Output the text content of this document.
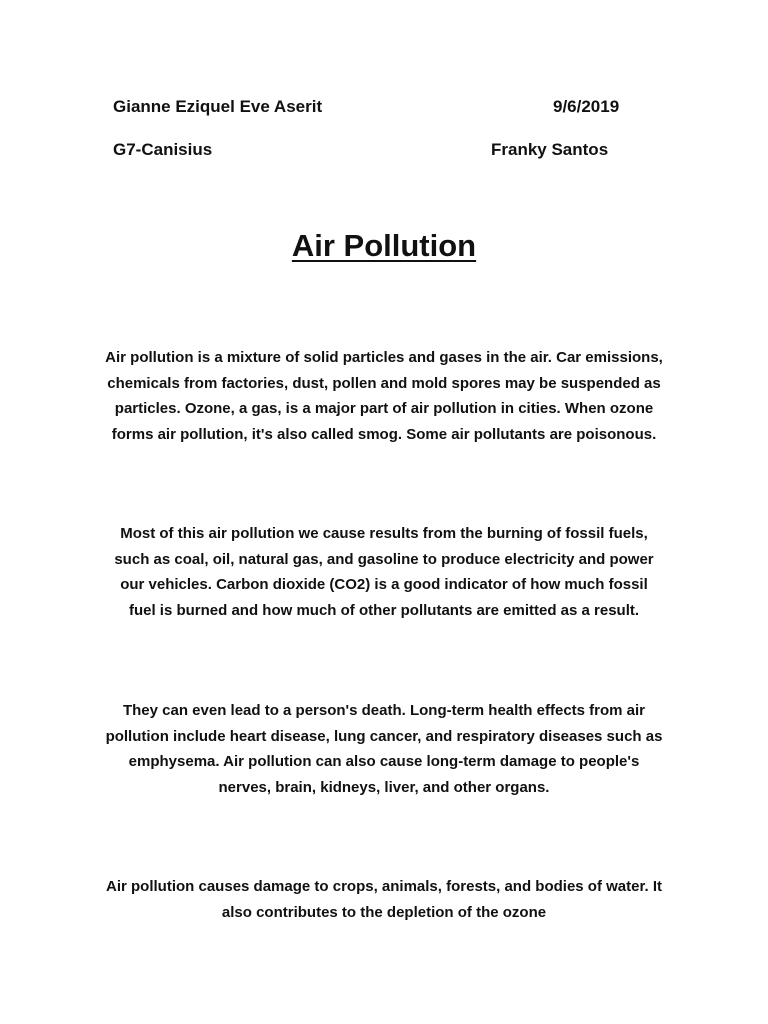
Gianne Eziquel Eve Aserit	9/6/2019
G7-Canisius	Franky Santos
Air Pollution

Air pollution is a mixture of solid particles and gases in the air. Car emissions, chemicals from factories, dust, pollen and mold spores may be suspended as particles. Ozone, a gas, is a major part of air pollution in cities. When ozone forms air pollution, it's also called smog. Some air pollutants are poisonous.

Most of this air pollution we cause results from the burning of fossil fuels, such as coal, oil, natural gas, and gasoline to produce electricity and power our vehicles. Carbon dioxide (CO2) is a good indicator of how much fossil fuel is burned and how much of other pollutants are emitted as a result.

They can even lead to a person's death. Long-term health effects from air pollution include heart disease, lung cancer, and respiratory diseases such as emphysema. Air pollution can also cause long-term damage to people's nerves, brain, kidneys, liver, and other organs.

Air pollution causes damage to crops, animals, forests, and bodies of water. It also contributes to the depletion of the ozone
